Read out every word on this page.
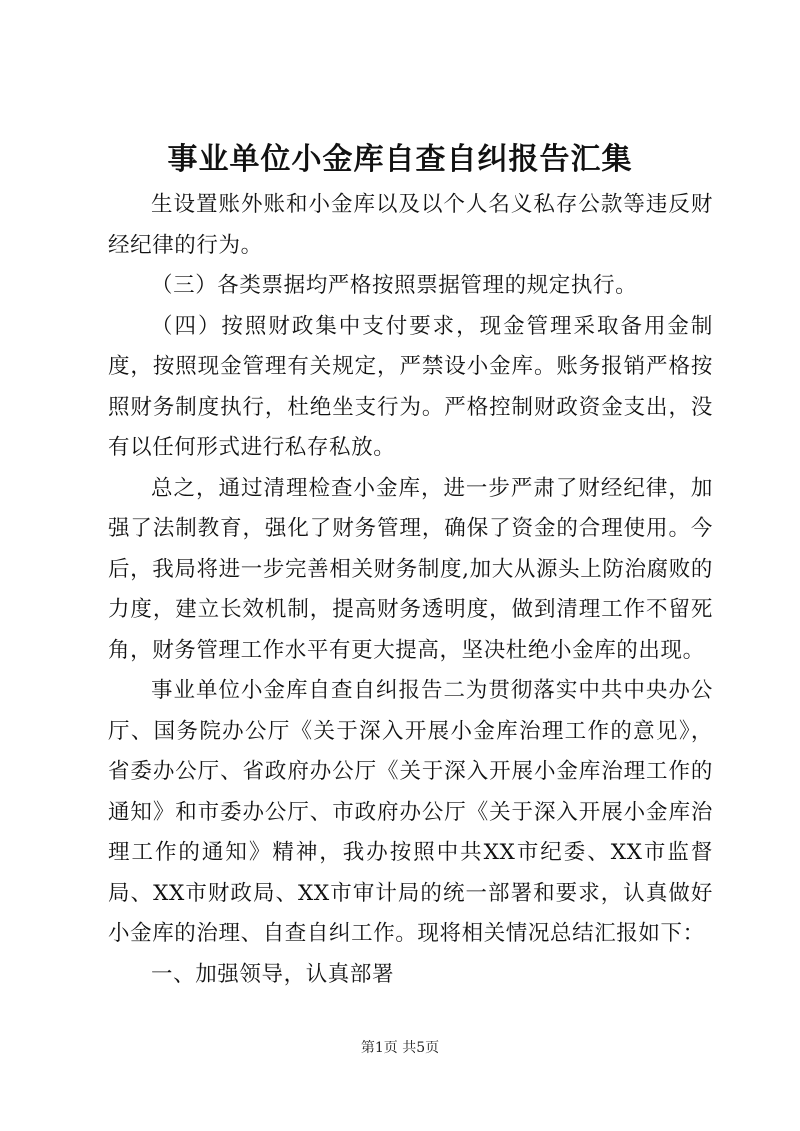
事业单位小金库自查自纠报告汇集

生设置账外账和小金库以及以个人名义私存公款等违反财经纪律的行为。

（三）各类票据均严格按照票据管理的规定执行。

（四）按照财政集中支付要求，现金管理采取备用金制度，按照现金管理有关规定，严禁设小金库。账务报销严格按照财务制度执行，杜绝坐支行为。严格控制财政资金支出，没有以任何形式进行私存私放。

总之，通过清理检查小金库，进一步严肃了财经纪律，加强了法制教育，强化了财务管理，确保了资金的合理使用。今后，我局将进一步完善相关财务制度,加大从源头上防治腐败的力度，建立长效机制，提高财务透明度，做到清理工作不留死角，财务管理工作水平有更大提高，坚决杜绝小金库的出现。

事业单位小金库自查自纠报告二为贯彻落实中共中央办公厅、国务院办公厅《关于深入开展小金库治理工作的意见》，省委办公厅、省政府办公厅《关于深入开展小金库治理工作的通知》和市委办公厅、市政府办公厅《关于深入开展小金库治理工作的通知》精神，我办按照中共XX市纪委、XX市监督局、XX市财政局、XX市审计局的统一部署和要求，认真做好小金库的治理、自查自纠工作。现将相关情况总结汇报如下：

一、加强领导，认真部署

第1页 共5页
